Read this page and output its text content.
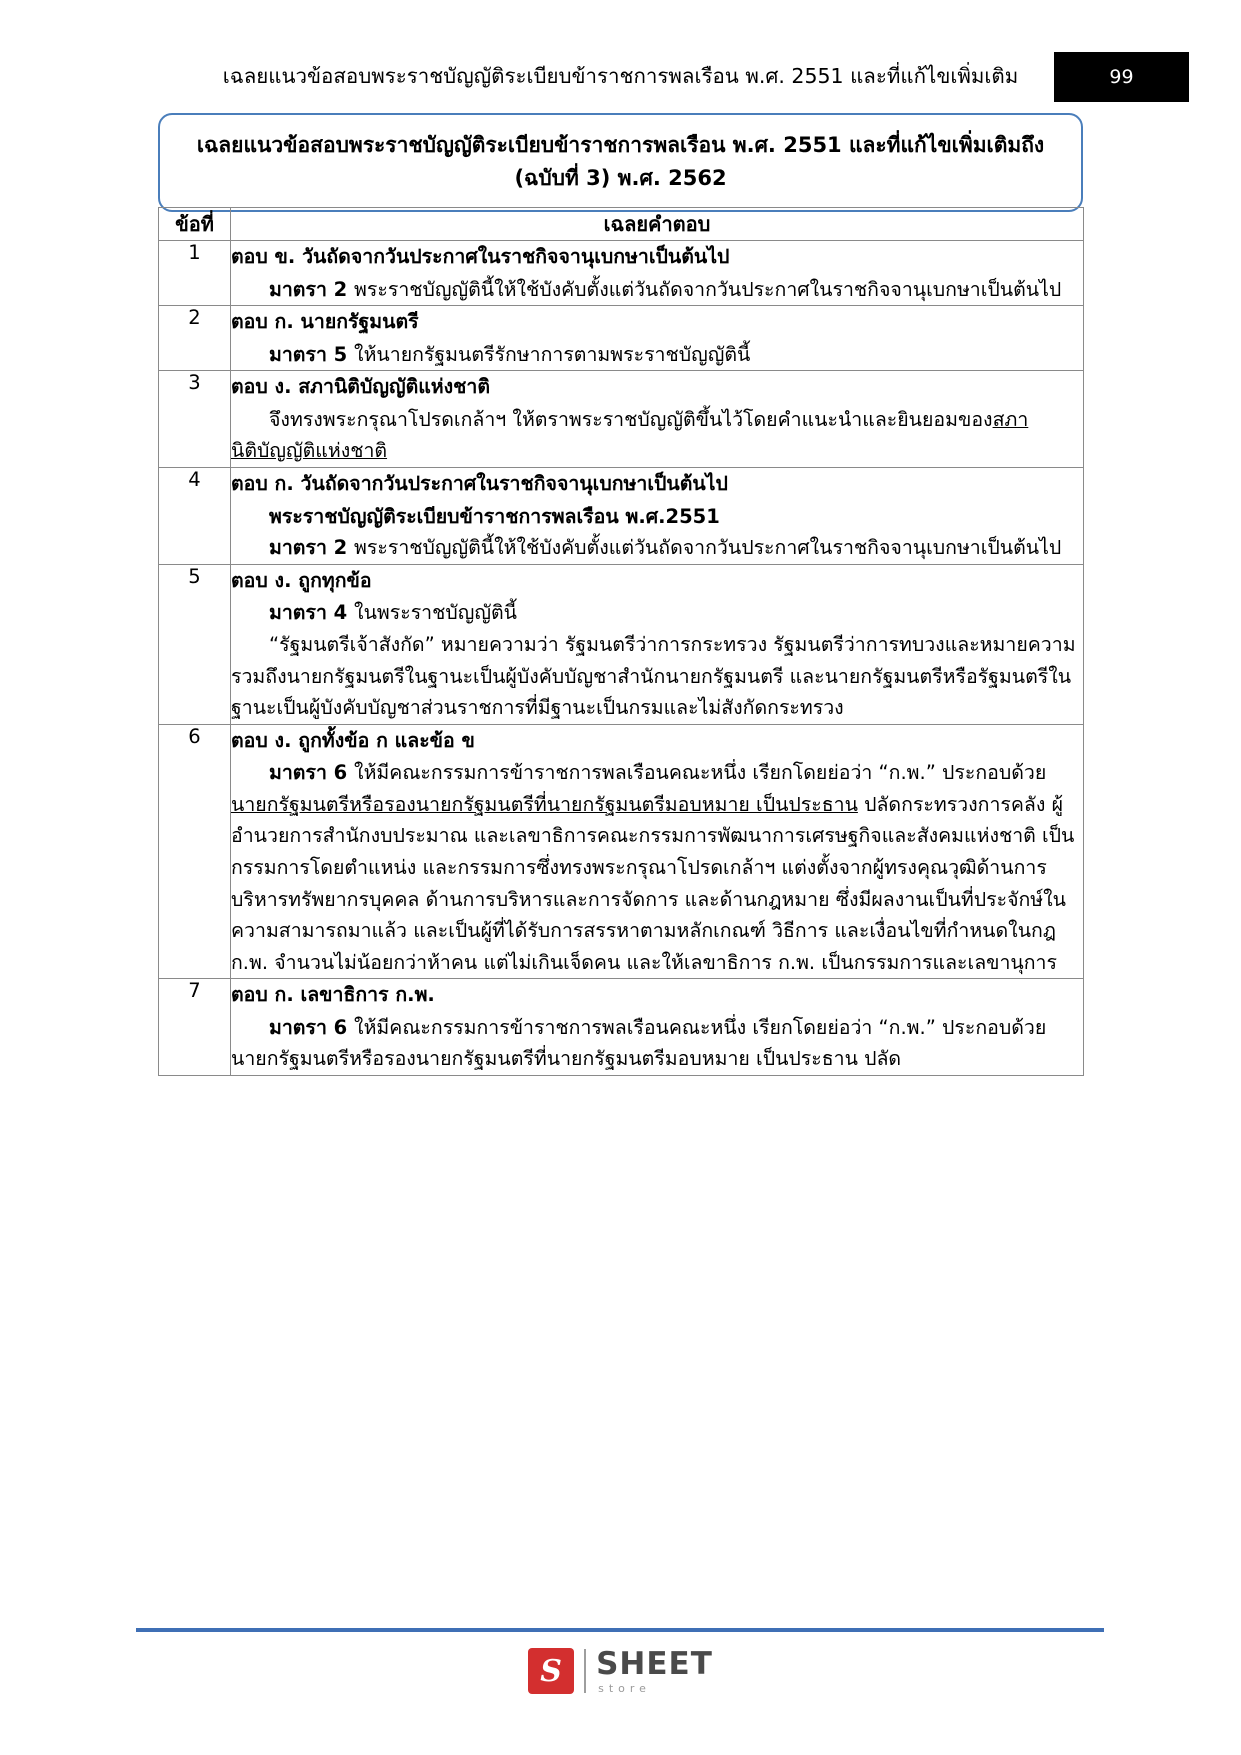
เฉลยแนวข้อสอบพระราชบัญญัติระเบียบข้าราชการพลเรือน พ.ศ. 2551 และที่แก้ไขเพิ่มเติม	99
เฉลยแนวข้อสอบพระราชบัญญัติระเบียบข้าราชการพลเรือน พ.ศ. 2551 และที่แก้ไขเพิ่มเติมถึง (ฉบับที่ 3) พ.ศ. 2562
ข้อที่	เฉลยคำตอบ
1	ตอบ ข. วันถัดจากวันประกาศในราชกิจจานุเบกษาเป็นต้นไป
มาตรา 2 พระราชบัญญัตินี้ให้ใช้บังคับตั้งแต่วันถัดจากวันประกาศในราชกิจจานุเบกษาเป็นต้นไป

2	ตอบ ก. นายกรัฐมนตรี
มาตรา 5 ให้นายกรัฐมนตรีรักษาการตามพระราชบัญญัตินี้

3	ตอบ ง. สภานิติบัญญัติแห่งชาติ
จึงทรงพระกรุณาโปรดเกล้าฯ ให้ตราพระราชบัญญัติขึ้นไว้โดยคำแนะนำและยินยอมของสภานิติบัญญัติแห่งชาติ

4	ตอบ ก. วันถัดจากวันประกาศในราชกิจจานุเบกษาเป็นต้นไป
พระราชบัญญัติระเบียบข้าราชการพลเรือน พ.ศ.2551
มาตรา 2 พระราชบัญญัตินี้ให้ใช้บังคับตั้งแต่วันถัดจากวันประกาศในราชกิจจานุเบกษาเป็นต้นไป

5	ตอบ ง. ถูกทุกข้อ
มาตรา 4 ในพระราชบัญญัตินี้
“รัฐมนตรีเจ้าสังกัด” หมายความว่า รัฐมนตรีว่าการกระทรวง รัฐมนตรีว่าการทบวงและหมายความรวมถึงนายกรัฐมนตรีในฐานะเป็นผู้บังคับบัญชาสำนักนายกรัฐมนตรี และนายกรัฐมนตรีหรือรัฐมนตรีในฐานะเป็นผู้บังคับบัญชาส่วนราชการที่มีฐานะเป็นกรมและไม่สังกัดกระทรวง

6	ตอบ ง. ถูกทั้งข้อ ก และข้อ ข
มาตรา 6 ให้มีคณะกรรมการข้าราชการพลเรือนคณะหนึ่ง เรียกโดยย่อว่า “ก.พ.” ประกอบด้วยนายกรัฐมนตรีหรือรองนายกรัฐมนตรีที่นายกรัฐมนตรีมอบหมาย เป็นประธาน ปลัดกระทรวงการคลัง ผู้อำนวยการสำนักงบประมาณ และเลขาธิการคณะกรรมการพัฒนาการเศรษฐกิจและสังคมแห่งชาติ เป็นกรรมการโดยตำแหน่ง และกรรมการซึ่งทรงพระกรุณาโปรดเกล้าฯ แต่งตั้งจากผู้ทรงคุณวุฒิด้านการบริหารทรัพยากรบุคคล ด้านการบริหารและการจัดการ และด้านกฎหมาย ซึ่งมีผลงานเป็นที่ประจักษ์ในความสามารถมาแล้ว และเป็นผู้ที่ได้รับการสรรหาตามหลักเกณฑ์ วิธีการ และเงื่อนไขที่กำหนดในกฎ ก.พ. จำนวนไม่น้อยกว่าห้าคน แต่ไม่เกินเจ็ดคน และให้เลขาธิการ ก.พ. เป็นกรรมการและเลขานุการ

7	ตอบ ก. เลขาธิการ ก.พ.
มาตรา 6 ให้มีคณะกรรมการข้าราชการพลเรือนคณะหนึ่ง เรียกโดยย่อว่า “ก.พ.” ประกอบด้วยนายกรัฐมนตรีหรือรองนายกรัฐมนตรีที่นายกรัฐมนตรีมอบหมาย เป็นประธาน ปลัด
S	SHEET
store
